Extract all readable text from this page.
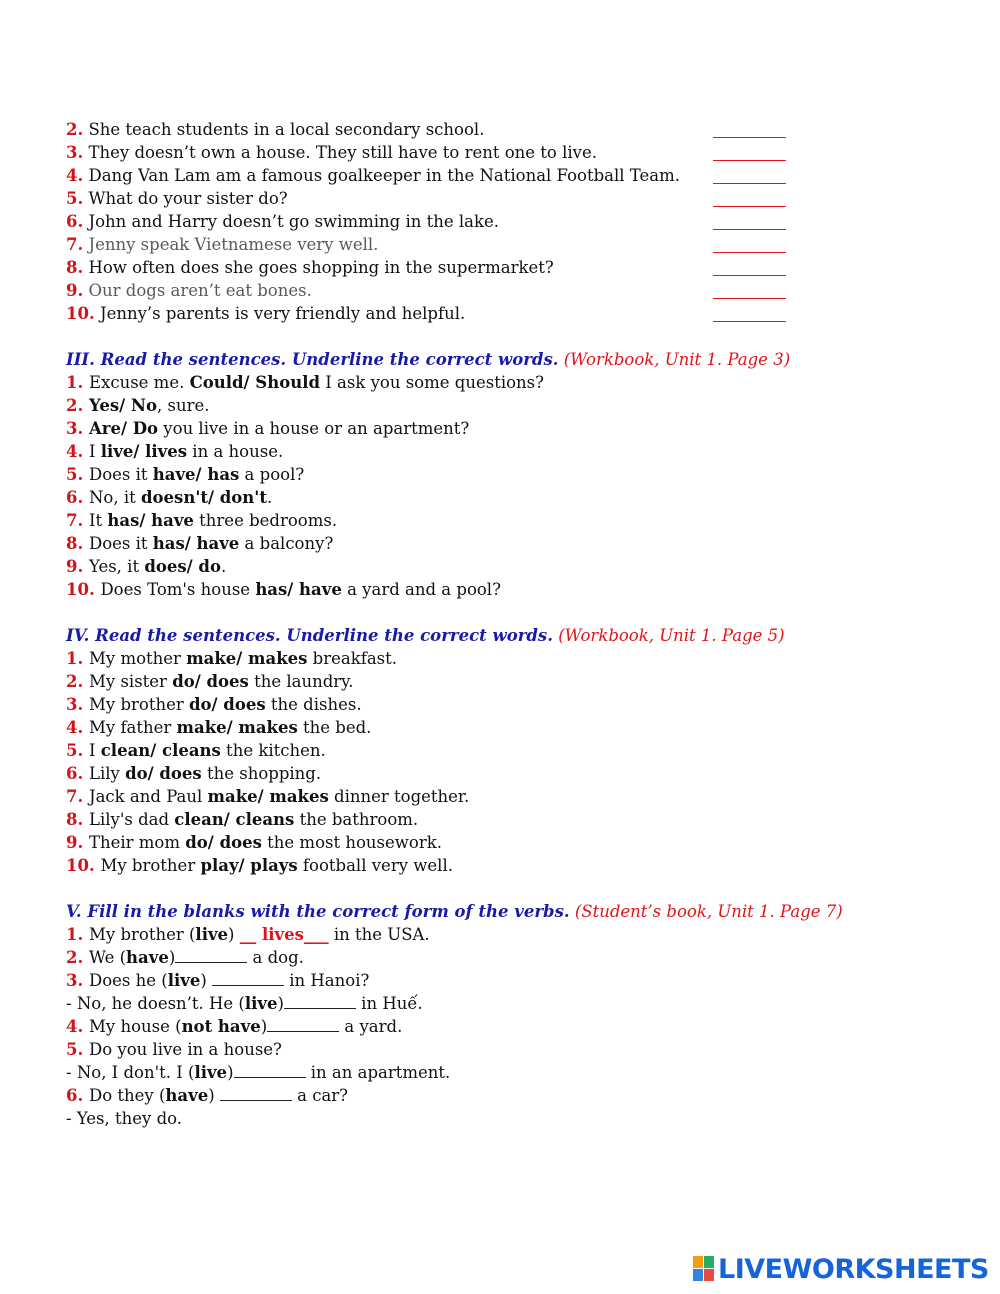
2. She teach students in a local secondary school.
3. They doesn’t own a house. They still have to rent one to live.
4. Dang Van Lam am a famous goalkeeper in the National Football Team.
5. What do your sister do?
6. John and Harry doesn’t go swimming in the lake.
7. Jenny speak Vietnamese very well.
8. How often does she goes shopping in the supermarket?
9. Our dogs aren’t eat bones.
10. Jenny’s parents is very friendly and helpful.
III. Read the sentences. Underline the correct words. (Workbook, Unit 1. Page 3)
1. Excuse me. Could/ Should I ask you some questions?
2. Yes/ No, sure.
3. Are/ Do you live in a house or an apartment?
4. I live/ lives in a house.
5. Does it have/ has a pool?
6. No, it doesn't/ don't.
7. It has/ have three bedrooms.
8. Does it has/ have a balcony?
9. Yes, it does/ do.
10. Does Tom's house has/ have a yard and a pool?
IV. Read the sentences. Underline the correct words. (Workbook, Unit 1. Page 5)
1. My mother make/ makes breakfast.
2. My sister do/ does the laundry.
3. My brother do/ does the dishes.
4. My father make/ makes the bed.
5. I clean/ cleans the kitchen.
6. Lily do/ does the shopping.
7. Jack and Paul make/ makes dinner together.
8. Lily's dad clean/ cleans the bathroom.
9. Their mom do/ does the most housework.
10. My brother play/ plays football very well.
V. Fill in the blanks with the correct form of the verbs. (Student’s book, Unit 1. Page 7)
1. My brother (live) __ lives___ in the USA.
2. We (have)	a dog.
3. Does he (live)	in Hanoi?
- No, he doesn’t. He (live)	in Huế.
4. My house (not have)	a yard.
5. Do you live in a house?
- No, I don't. I (live)	in an apartment.
6. Do they (have)	a car?
- Yes, they do.
LIVEWORKSHEETS
